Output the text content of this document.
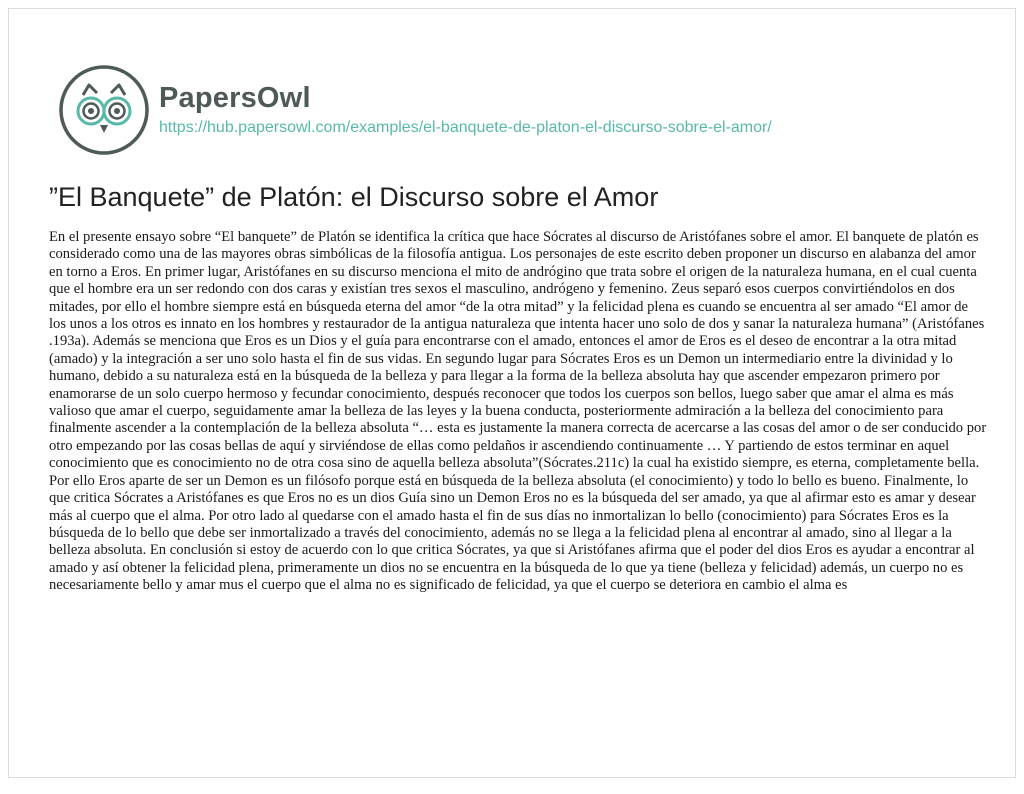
PapersOwl
https://hub.papersowl.com/examples/el-banquete-de-platon-el-discurso-sobre-el-amor/
”El Banquete” de Platón: el Discurso sobre el Amor

En el presente ensayo sobre “El banquete” de Platón se identifica la crítica que hace Sócrates al discurso de Aristófanes sobre el amor. El banquete de platón es considerado como una de las mayores obras simbólicas de la filosofía antigua. Los personajes de este escrito deben proponer un discurso en alabanza del amor en torno a Eros. En primer lugar, Aristófanes en su discurso menciona el mito de andrógino que trata sobre el origen de la naturaleza humana, en el cual cuenta que el hombre era un ser redondo con dos caras y existían tres sexos el masculino, andrógeno y femenino. Zeus separó esos cuerpos convirtiéndolos en dos mitades, por ello el hombre siempre está en búsqueda eterna del amor “de la otra mitad” y la felicidad plena es cuando se encuentra al ser amado “El amor de los unos a los otros es innato en los hombres y restaurador de la antigua naturaleza que intenta hacer uno solo de dos y sanar la naturaleza humana” (Aristófanes .193a). Además se menciona que Eros es un Dios y el guía para encontrarse con el amado, entonces el amor de Eros es el deseo de encontrar a la otra mitad (amado) y la integración a ser uno solo hasta el fin de sus vidas. En segundo lugar para Sócrates Eros es un Demon un intermediario entre la divinidad y lo humano, debido a su naturaleza está en la búsqueda de la belleza y para llegar a la forma de la belleza absoluta hay que ascender empezaron primero por enamorarse de un solo cuerpo hermoso y fecundar conocimiento, después reconocer que todos los cuerpos son bellos, luego saber que amar el alma es más valioso que amar el cuerpo, seguidamente amar la belleza de las leyes y la buena conducta, posteriormente admiración a la belleza del conocimiento para finalmente ascender a la contemplación de la belleza absoluta “… esta es justamente la manera correcta de acercarse a las cosas del amor o de ser conducido por otro empezando por las cosas bellas de aquí y sirviéndose de ellas como peldaños ir ascendiendo continuamente … Y partiendo de estos terminar en aquel conocimiento que es conocimiento no de otra cosa sino de aquella belleza absoluta”(Sócrates.211c) la cual ha existido siempre, es eterna, completamente bella. Por ello Eros aparte de ser un Demon es un filósofo porque está en búsqueda de la belleza absoluta (el conocimiento) y todo lo bello es bueno. Finalmente, lo que critica Sócrates a Aristófanes es que Eros no es un dios Guía sino un Demon Eros no es la búsqueda del ser amado, ya que al afirmar esto es amar y desear más al cuerpo que el alma. Por otro lado al quedarse con el amado hasta el fin de sus días no inmortalizan lo bello (conocimiento) para Sócrates Eros es la búsqueda de lo bello que debe ser inmortalizado a través del conocimiento, además no se llega a la felicidad plena al encontrar al amado, sino al llegar a la belleza absoluta. En conclusión si estoy de acuerdo con lo que critica Sócrates, ya que si Aristófanes afirma que el poder del dios Eros es ayudar a encontrar al amado y así obtener la felicidad plena, primeramente un dios no se encuentra en la búsqueda de lo que ya tiene (belleza y felicidad) además, un cuerpo no es necesariamente bello y amar mus el cuerpo que el alma no es significado de felicidad, ya que el cuerpo se deteriora en cambio el alma es
